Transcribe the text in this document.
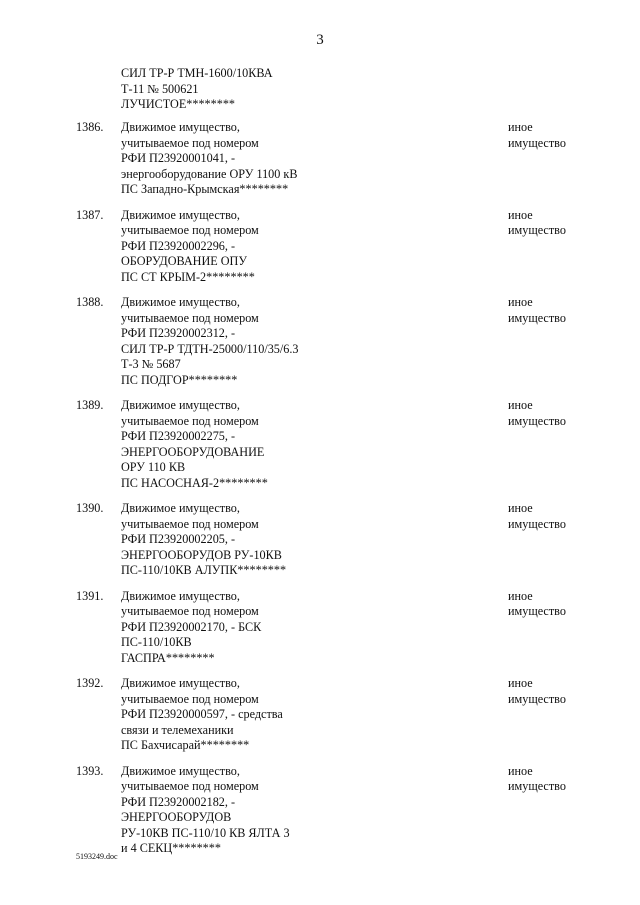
3
СИЛ ТР-Р ТМН-1600/10КВА
Т-11 № 500621
ЛУЧИСТОЕ********
1386. Движимое имущество,
учитываемое под номером
РФИ П23920001041, -
энергооборудование ОРУ 1100 кВ
ПС Западно-Крымская********
иное
имущество
1387. Движимое имущество,
учитываемое под номером
РФИ П23920002296, -
ОБОРУДОВАНИЕ ОПУ
ПС СТ КРЫМ-2********
иное
имущество
1388. Движимое имущество,
учитываемое под номером
РФИ П23920002312, -
СИЛ ТР-Р ТДТН-25000/110/35/6.3
Т-3 № 5687
ПС ПОДГОР********
иное
имущество
1389. Движимое имущество,
учитываемое под номером
РФИ П23920002275, -
ЭНЕРГООБОРУДОВАНИЕ
ОРУ 110 КВ
ПС НАСОСНАЯ-2********
иное
имущество
1390. Движимое имущество,
учитываемое под номером
РФИ П23920002205, -
ЭНЕРГООБОРУДОВ РУ-10КВ
ПС-110/10КВ АЛУПК********
иное
имущество
1391. Движимое имущество,
учитываемое под номером
РФИ П23920002170, - БСК
ПС-110/10КВ
ГАСПРА********
иное
имущество
1392. Движимое имущество,
учитываемое под номером
РФИ П23920000597, - средства
связи и телемеханики
ПС Бахчисарай********
иное
имущество
1393. Движимое имущество,
учитываемое под номером
РФИ П23920002182, -
ЭНЕРГООБОРУДОВ
РУ-10КВ ПС-110/10 КВ ЯЛТА 3
и 4 СЕКЦ********
иное
имущество
5193249.doc
